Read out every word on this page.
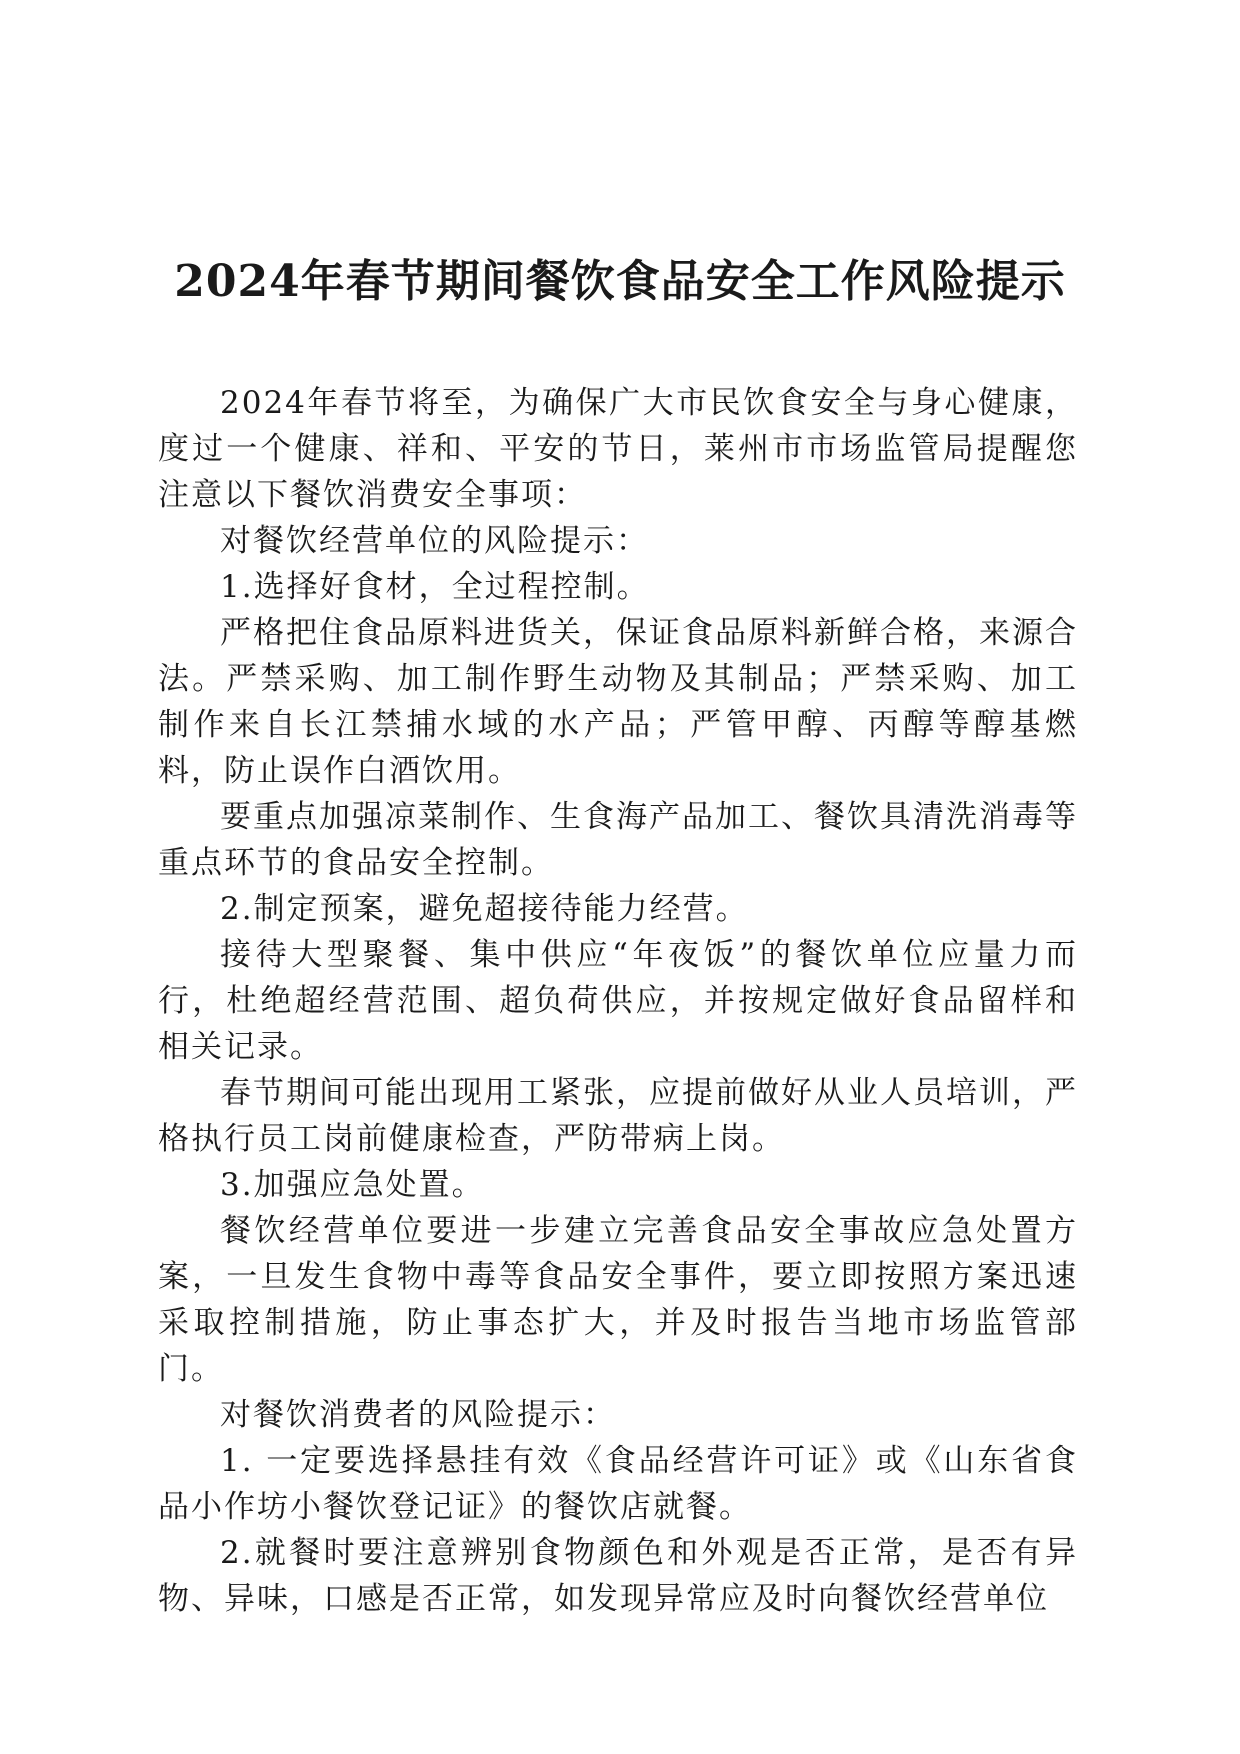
2024年春节期间餐饮食品安全工作风险提示

2024年春节将至，为确保广大市民饮食安全与身心健康，度过一个健康、祥和、平安的节日，莱州市市场监管局提醒您注意以下餐饮消费安全事项：

对餐饮经营单位的风险提示：

1.选择好食材，全过程控制。

严格把住食品原料进货关，保证食品原料新鲜合格，来源合法。严禁采购、加工制作野生动物及其制品；严禁采购、加工制作来自长江禁捕水域的水产品；严管甲醇、丙醇等醇基燃料，防止误作白酒饮用。

要重点加强凉菜制作、生食海产品加工、餐饮具清洗消毒等重点环节的食品安全控制。

2.制定预案，避免超接待能力经营。

接待大型聚餐、集中供应“年夜饭”的餐饮单位应量力而行，杜绝超经营范围、超负荷供应，并按规定做好食品留样和相关记录。

春节期间可能出现用工紧张，应提前做好从业人员培训，严格执行员工岗前健康检查，严防带病上岗。

3.加强应急处置。

餐饮经营单位要进一步建立完善食品安全事故应急处置方案，一旦发生食物中毒等食品安全事件，要立即按照方案迅速采取控制措施，防止事态扩大，并及时报告当地市场监管部门。

对餐饮消费者的风险提示：

1. 一定要选择悬挂有效《食品经营许可证》或《山东省食品小作坊小餐饮登记证》的餐饮店就餐。

2.就餐时要注意辨别食物颜色和外观是否正常，是否有异物、异味，口感是否正常，如发现异常应及时向餐饮经营单位
